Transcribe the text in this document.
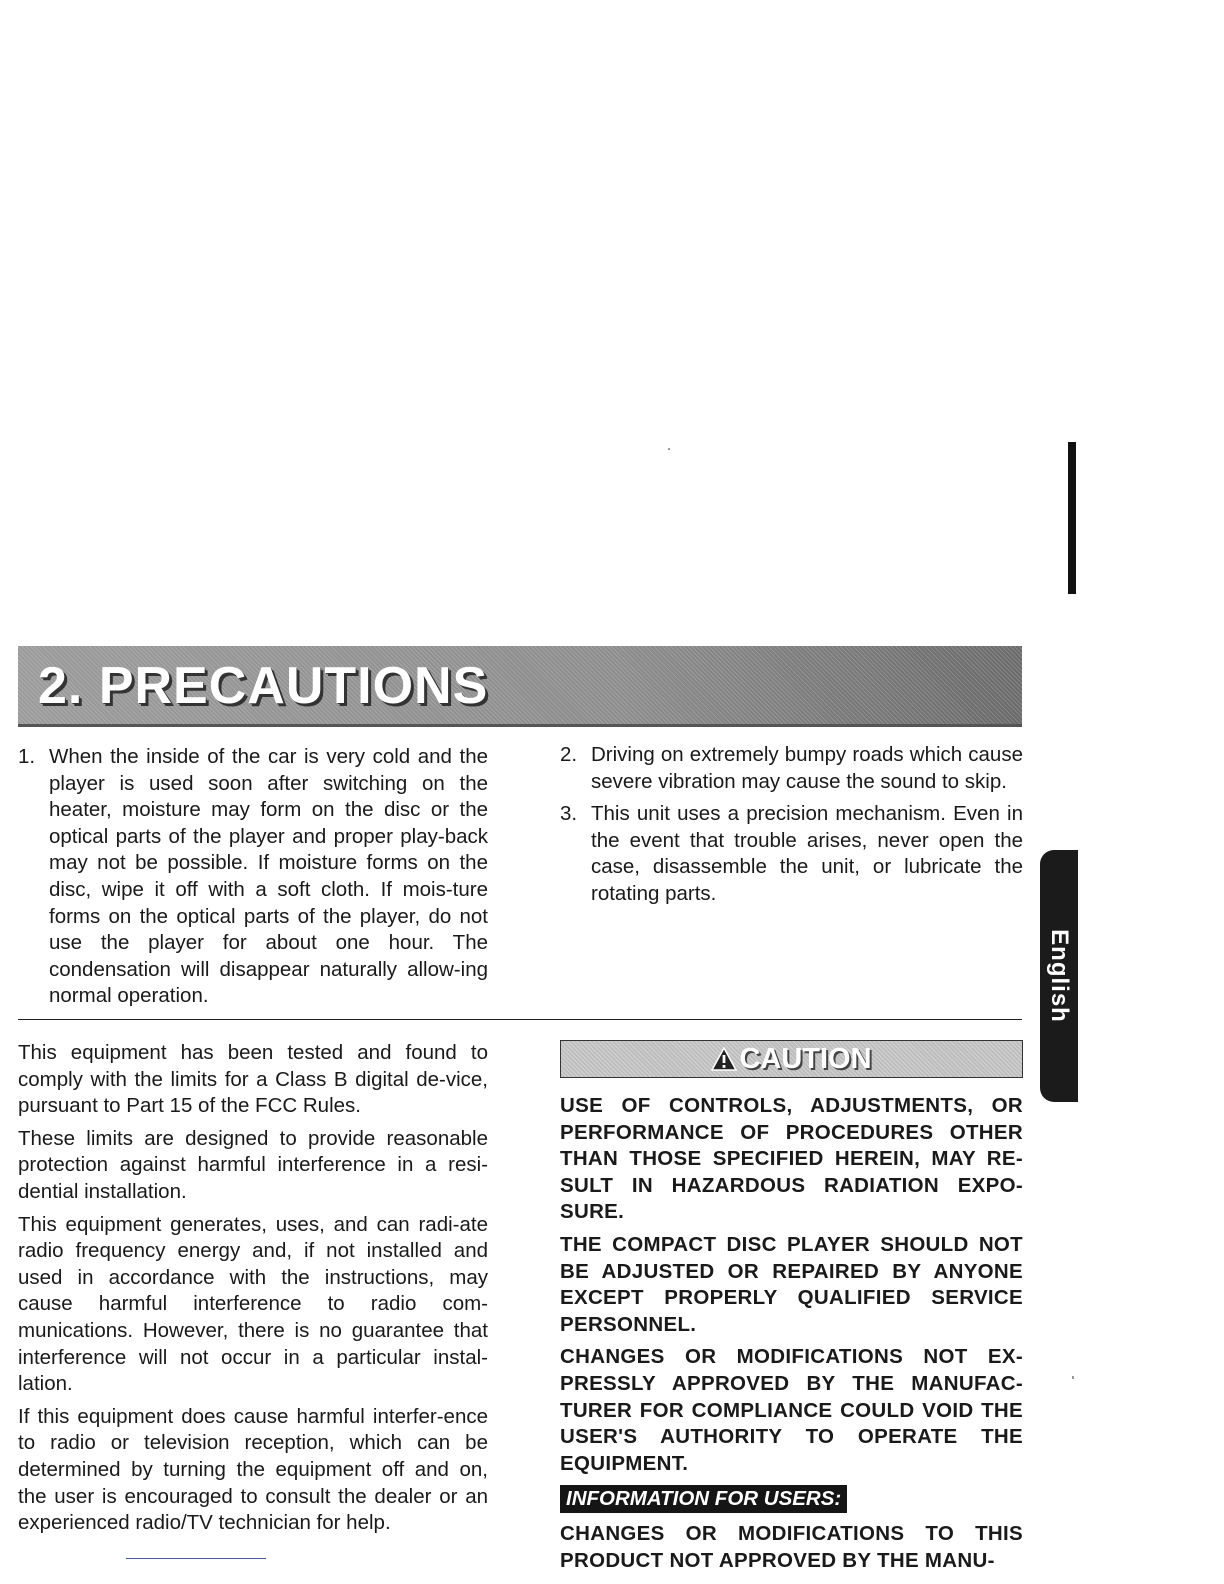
2. PRECAUTIONS
1. When the inside of the car is very cold and the player is used soon after switching on the heater, moisture may form on the disc or the optical parts of the player and proper play-back may not be possible. If moisture forms on the disc, wipe it off with a soft cloth. If mois-ture forms on the optical parts of the player, do not use the player for about one hour. The condensation will disappear naturally allow-ing normal operation.
2. Driving on extremely bumpy roads which cause severe vibration may cause the sound to skip.
3. This unit uses a precision mechanism. Even in the event that trouble arises, never open the case, disassemble the unit, or lubricate the rotating parts.

This equipment has been tested and found to comply with the limits for a Class B digital de-vice, pursuant to Part 15 of the FCC Rules.

These limits are designed to provide reasonable protection against harmful interference in a resi-dential installation.

This equipment generates, uses, and can radi-ate radio frequency energy and, if not installed and used in accordance with the instructions, may cause harmful interference to radio com-munications. However, there is no guarantee that interference will not occur in a particular instal-lation.

If this equipment does cause harmful interfer-ence to radio or television reception, which can be determined by turning the equipment off and on, the user is encouraged to consult the dealer or an experienced radio/TV technician for help.

CAUTION

USE OF CONTROLS, ADJUSTMENTS, OR PERFORMANCE OF PROCEDURES OTHER THAN THOSE SPECIFIED HEREIN, MAY RE-SULT IN HAZARDOUS RADIATION EXPO-SURE.

THE COMPACT DISC PLAYER SHOULD NOT BE ADJUSTED OR REPAIRED BY ANYONE EXCEPT PROPERLY QUALIFIED SERVICE PERSONNEL.

CHANGES OR MODIFICATIONS NOT EX-PRESSLY APPROVED BY THE MANUFAC-TURER FOR COMPLIANCE COULD VOID THE USER'S AUTHORITY TO OPERATE THE EQUIPMENT.

INFORMATION FOR USERS:

CHANGES OR MODIFICATIONS TO THIS PRODUCT NOT APPROVED BY THE MANU-

English
